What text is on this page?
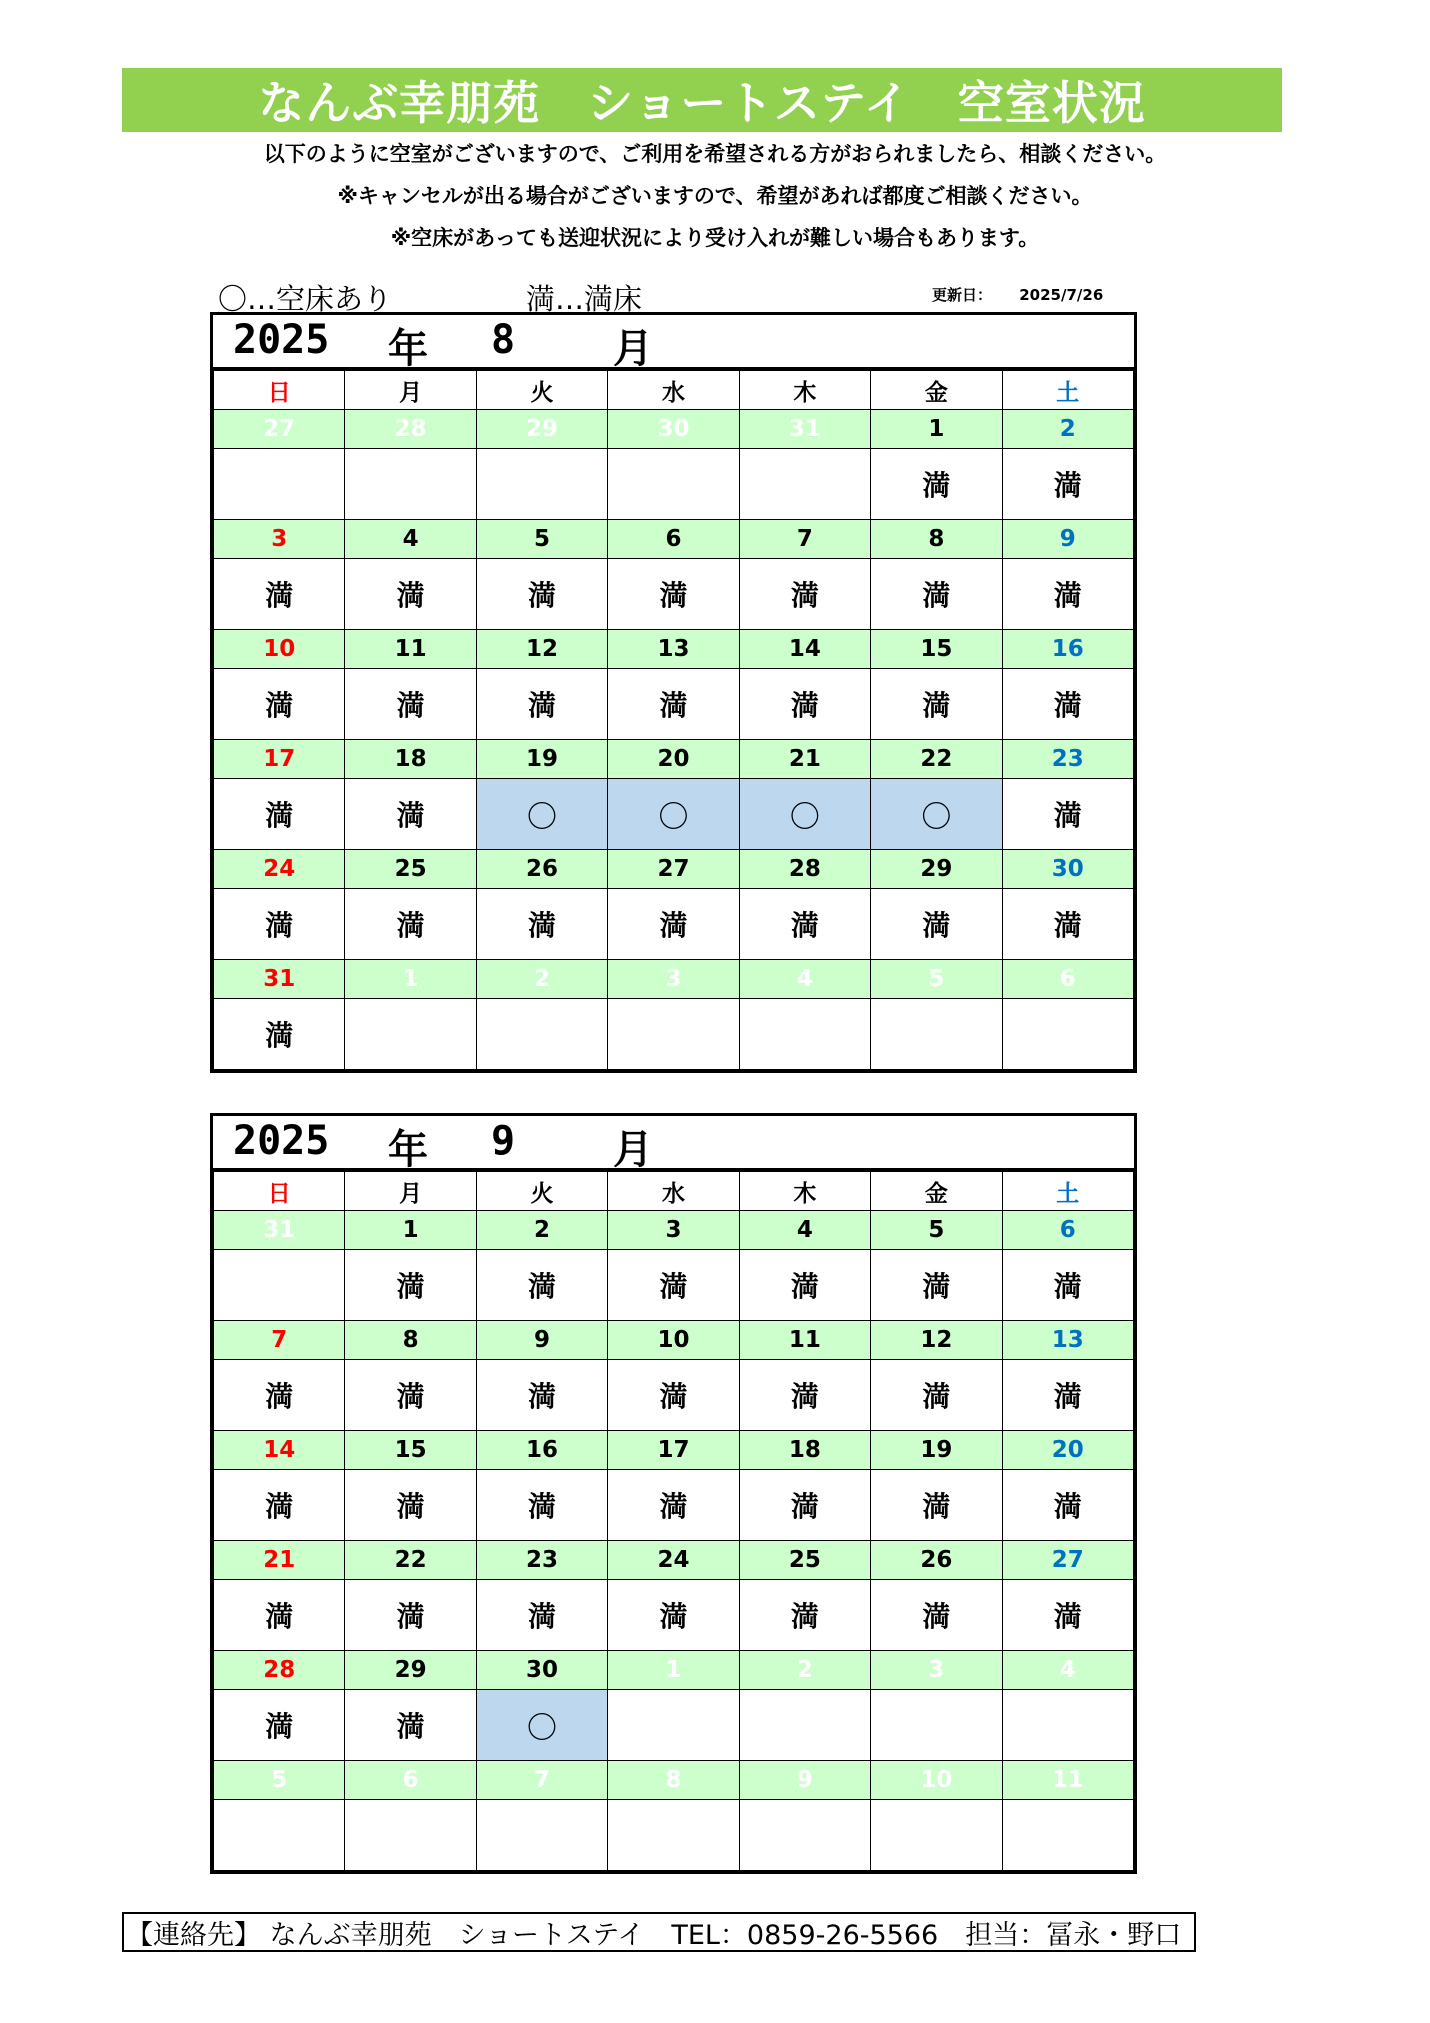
なんぶ幸朋苑　ショートステイ　空室状況
以下のように空室がございますので、ご利用を希望される方がおられましたら、相談ください。
※キャンセルが出る場合がございますので、希望があれば都度ご相談ください。
※空床があっても送迎状況により受け入れが難しい場合もあります。
〇…空床あり	満…満床	更新日： 2025/7/26
2025 年 8 月
日	月	火	水	木	金	土
27	28	29	30	31	1	2
					満	満
3	4	5	6	7	8	9
満	満	満	満	満	満	満
10	11	12	13	14	15	16
満	満	満	満	満	満	満
17	18	19	20	21	22	23
満	満	〇	〇	〇	〇	満
24	25	26	27	28	29	30
満	満	満	満	満	満	満
31	1	2	3	4	5	6
満						
2025 年 9 月
日	月	火	水	木	金	土
31	1	2	3	4	5	6
	満	満	満	満	満	満
7	8	9	10	11	12	13
満	満	満	満	満	満	満
14	15	16	17	18	19	20
満	満	満	満	満	満	満
21	22	23	24	25	26	27
満	満	満	満	満	満	満
28	29	30	1	2	3	4
満	満	〇				
5	6	7	8	9	10	11

【連絡先】 なんぶ幸朋苑　ショートステイ　TEL：0859-26-5566　担当：冨永・野口
